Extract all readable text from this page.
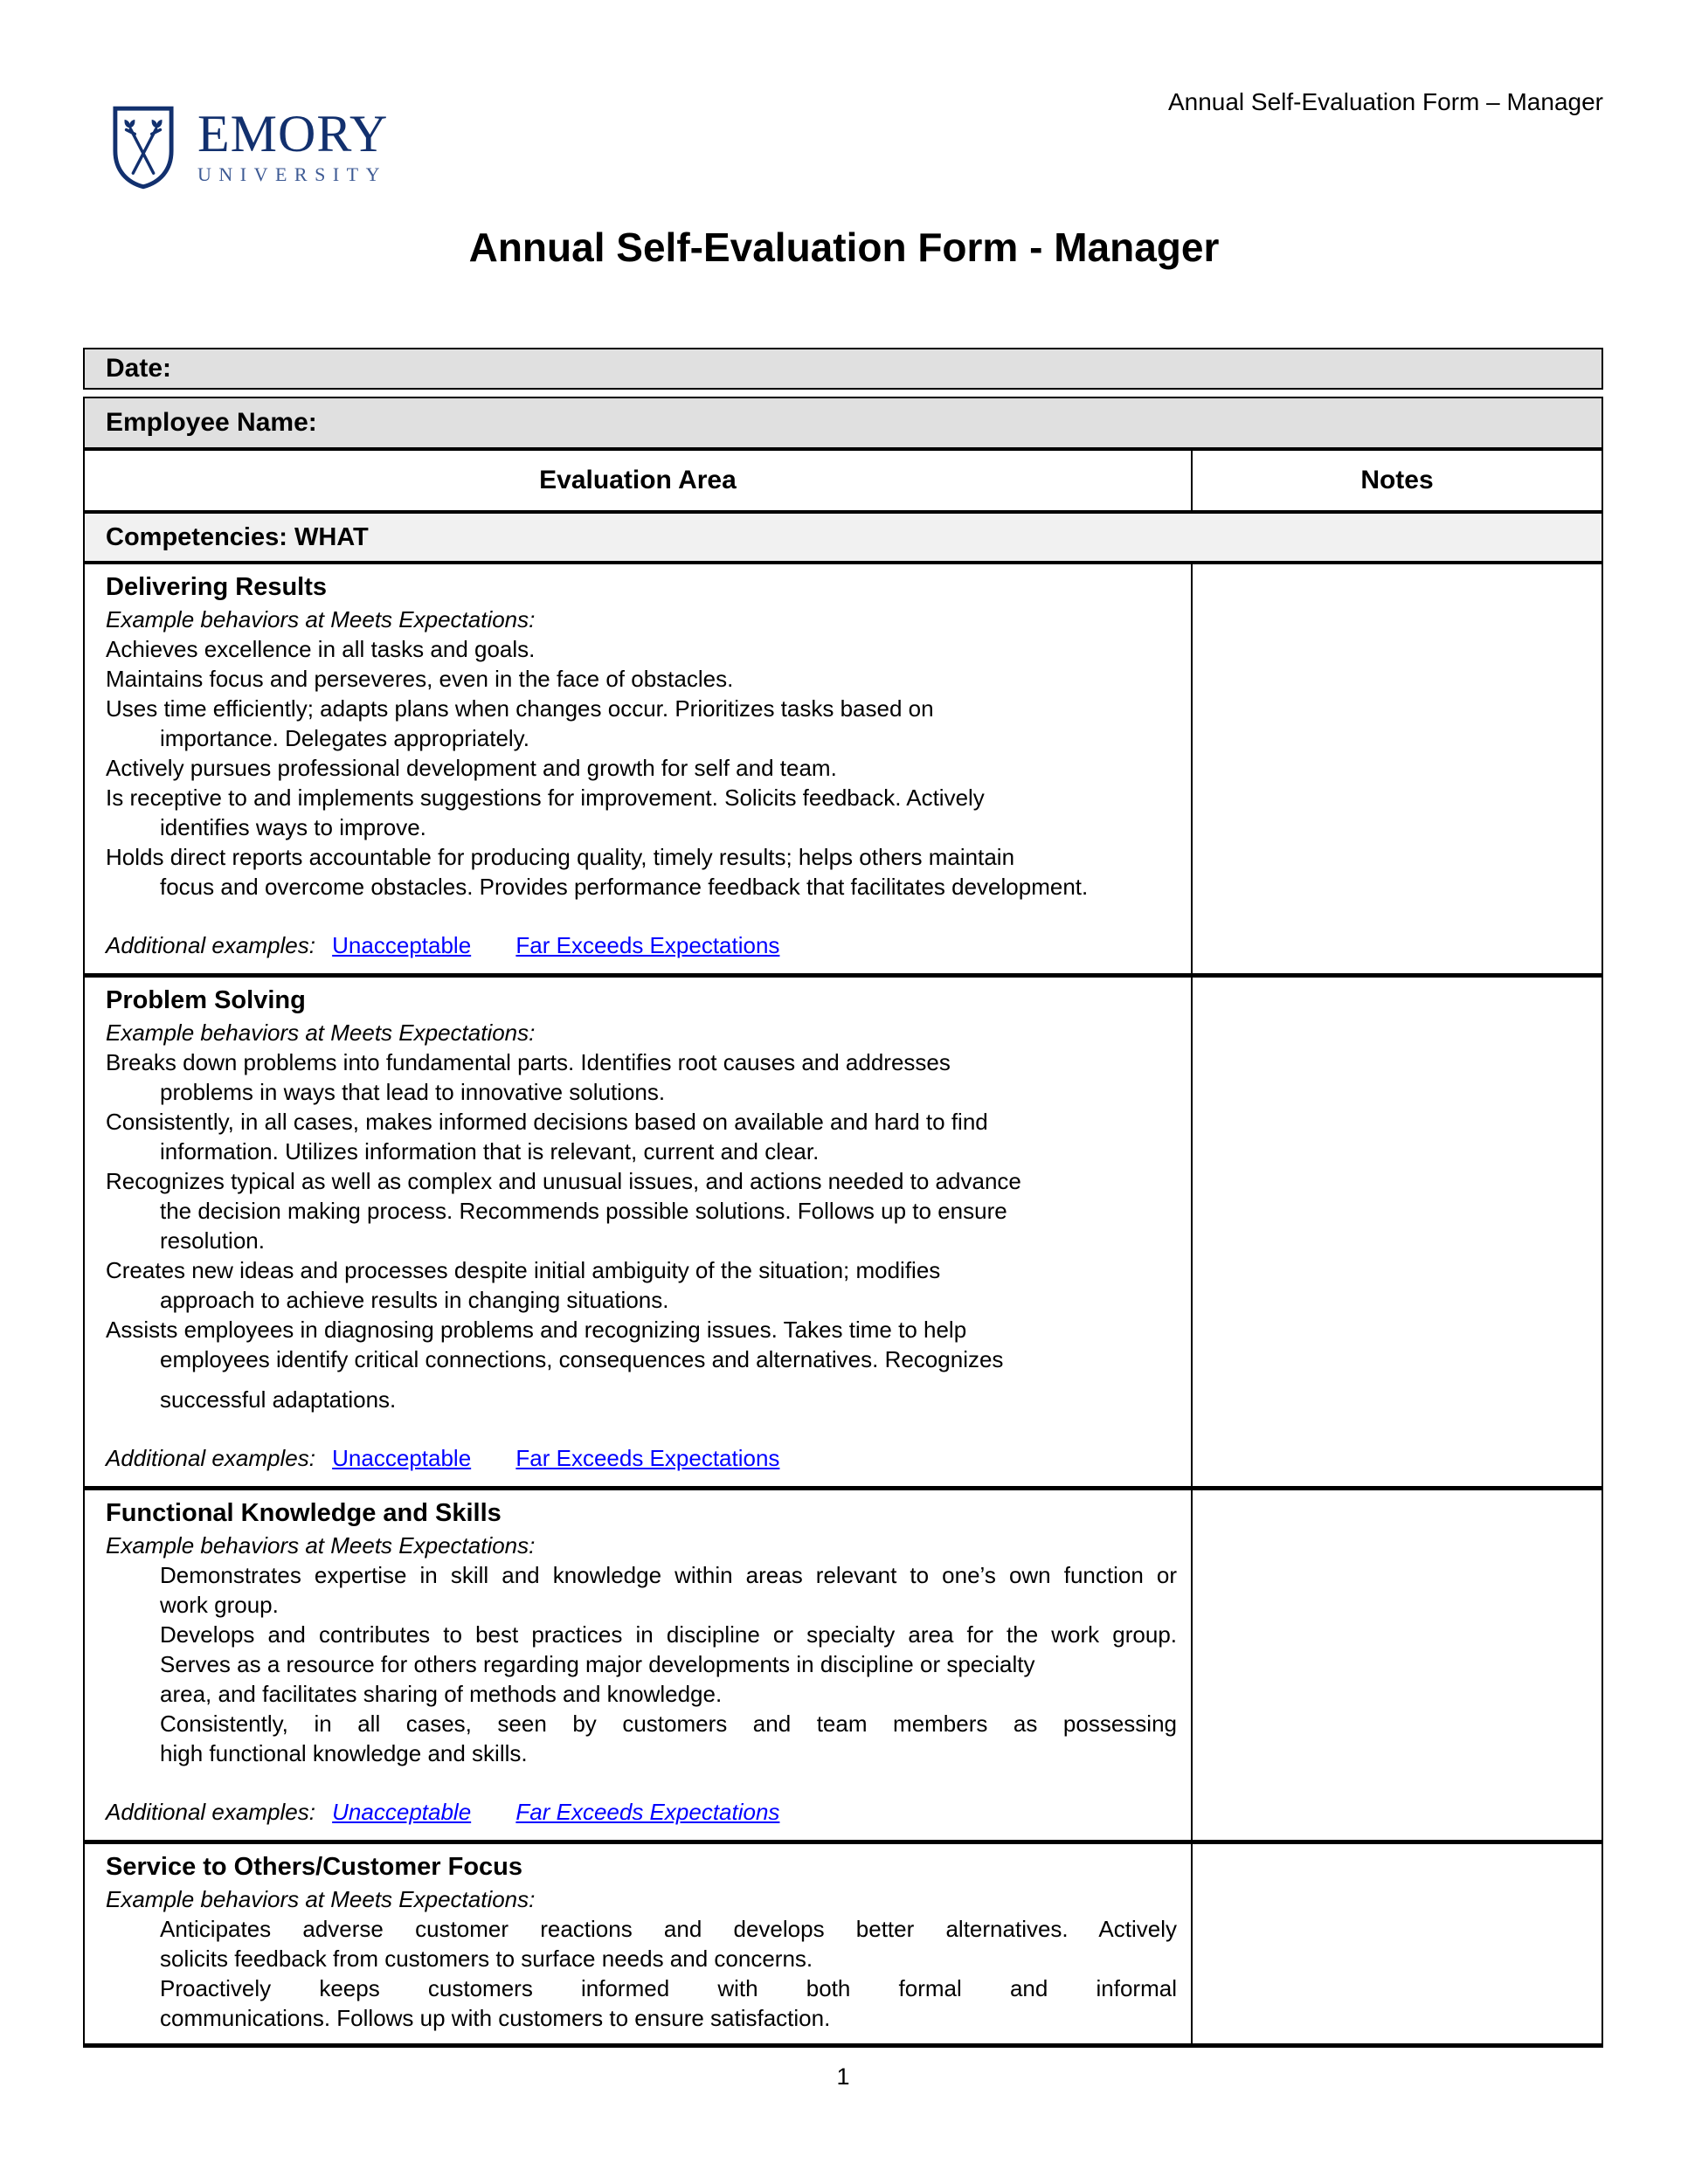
Annual Self-Evaluation Form – Manager
EMORY
UNIVERSITY
Annual Self-Evaluation Form - Manager
Date:
Employee Name:	
Evaluation Area	Notes
Competencies: WHAT	

Delivering Results
Example behaviors at Meets Expectations:
Achieves excellence in all tasks and goals.
Maintains focus and perseveres, even in the face of obstacles.
Uses time efficiently; adapts plans when changes occur. Prioritizes tasks based on
importance. Delegates appropriately.
Actively pursues professional development and growth for self and team.
Is receptive to and implements suggestions for improvement. Solicits feedback. Actively
identifies ways to improve.
Holds direct reports accountable for producing quality, timely results; helps others maintain
focus and overcome obstacles. Provides performance feedback that facilitates development.
Additional examples: Unacceptable Far Exceeds Expectations

Problem Solving
Example behaviors at Meets Expectations:
Breaks down problems into fundamental parts. Identifies root causes and addresses
problems in ways that lead to innovative solutions.
Consistently, in all cases, makes informed decisions based on available and hard to find
information. Utilizes information that is relevant, current and clear.
Recognizes typical as well as complex and unusual issues, and actions needed to advance
the decision making process. Recommends possible solutions. Follows up to ensure
resolution.
Creates new ideas and processes despite initial ambiguity of the situation; modifies
approach to achieve results in changing situations.
Assists employees in diagnosing problems and recognizing issues. Takes time to help
employees identify critical connections, consequences and alternatives. Recognizes
successful adaptations.
Additional examples: Unacceptable Far Exceeds Expectations

Functional Knowledge and Skills
Example behaviors at Meets Expectations:
Demonstrates expertise in skill and knowledge within areas relevant to one’s own function or
work group.
Develops and contributes to best practices in discipline or specialty area for the work group.
Serves as a resource for others regarding major developments in discipline or specialty
area, and facilitates sharing of methods and knowledge.
Consistently, in all cases, seen by customers and team members as possessing
high functional knowledge and skills.
Additional examples: Unacceptable Far Exceeds Expectations

Service to Others/Customer Focus
Example behaviors at Meets Expectations:
Anticipates adverse customer reactions and develops better alternatives. Actively
solicits feedback from customers to surface needs and concerns.
Proactively keeps customers informed with both formal and informal
communications. Follows up with customers to ensure satisfaction.

1
